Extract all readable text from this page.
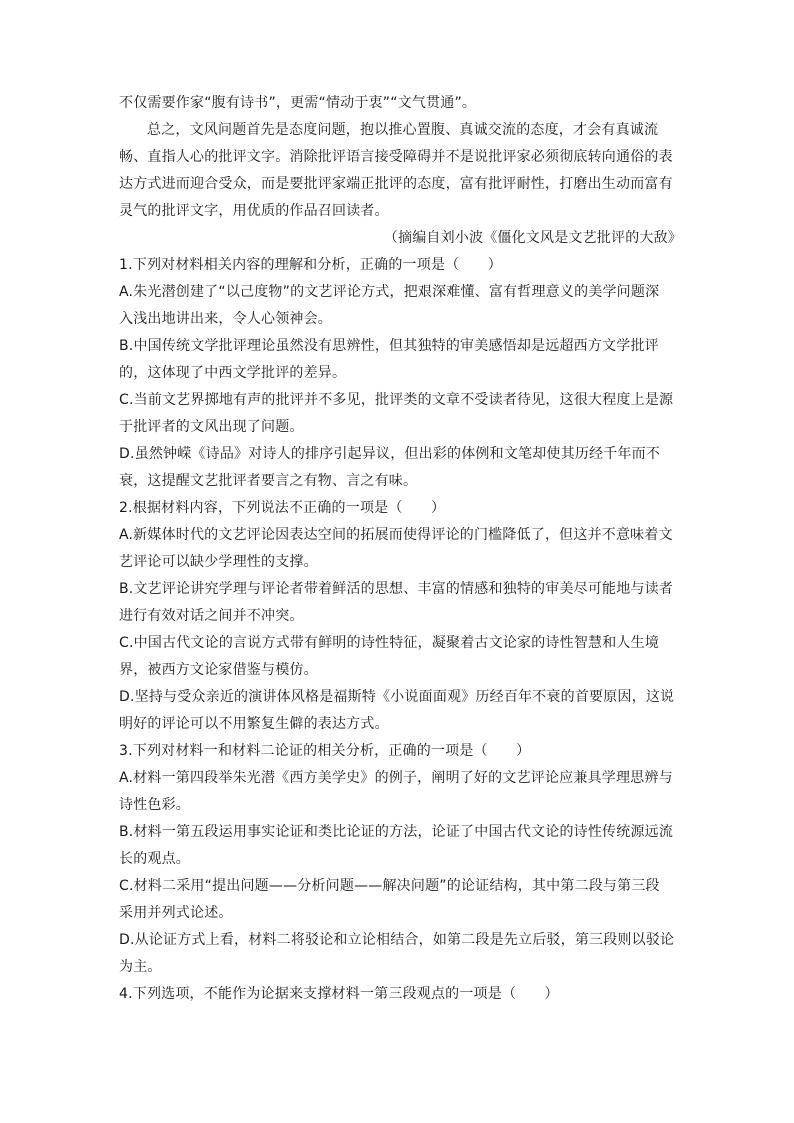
不仅需要作家“腹有诗书”，更需“情动于衷”“文气贯通”。
总之，文风问题首先是态度问题，抱以推心置腹、真诚交流的态度，才会有真诚流
畅、直指人心的批评文字。消除批评语言接受障碍并不是说批评家必须彻底转向通俗的表
达方式进而迎合受众，而是要批评家端正批评的态度，富有批评耐性，打磨出生动而富有
灵气的批评文字，用优质的作品召回读者。
（摘编自刘小波《僵化文风是文艺批评的大敌》
1.下列对材料相关内容的理解和分析，正确的一项是（　　）
A.朱光潜创建了“以己度物”的文艺评论方式，把艰深难懂、富有哲理意义的美学问题深
入浅出地讲出来，令人心领神会。
B.中国传统文学批评理论虽然没有思辨性，但其独特的审美感悟却是远超西方文学批评
的，这体现了中西文学批评的差异。
C.当前文艺界掷地有声的批评并不多见，批评类的文章不受读者待见，这很大程度上是源
于批评者的文风出现了问题。
D.虽然钟嵘《诗品》对诗人的排序引起异议，但出彩的体例和文笔却使其历经千年而不
衰，这提醒文艺批评者要言之有物、言之有味。
2.根据材料内容，下列说法不正确的一项是（　　）
A.新媒体时代的文艺评论因表达空间的拓展而使得评论的门槛降低了，但这并不意味着文
艺评论可以缺少学理性的支撑。
B.文艺评论讲究学理与评论者带着鲜活的思想、丰富的情感和独特的审美尽可能地与读者
进行有效对话之间并不冲突。
C.中国古代文论的言说方式带有鲜明的诗性特征，凝聚着古文论家的诗性智慧和人生境
界，被西方文论家借鉴与模仿。
D.坚持与受众亲近的演讲体风格是福斯特《小说面面观》历经百年不衰的首要原因，这说
明好的评论可以不用繁复生僻的表达方式。
3.下列对材料一和材料二论证的相关分析，正确的一项是（　　）
A.材料一第四段举朱光潜《西方美学史》的例子，阐明了好的文艺评论应兼具学理思辨与
诗性色彩。
B.材料一第五段运用事实论证和类比论证的方法，论证了中国古代文论的诗性传统源远流
长的观点。
C.材料二采用“提出问题——分析问题——解决问题”的论证结构，其中第二段与第三段
采用并列式论述。
D.从论证方式上看，材料二将驳论和立论相结合，如第二段是先立后驳，第三段则以驳论
为主。
4.下列选项，不能作为论据来支撑材料一第三段观点的一项是（　　）
